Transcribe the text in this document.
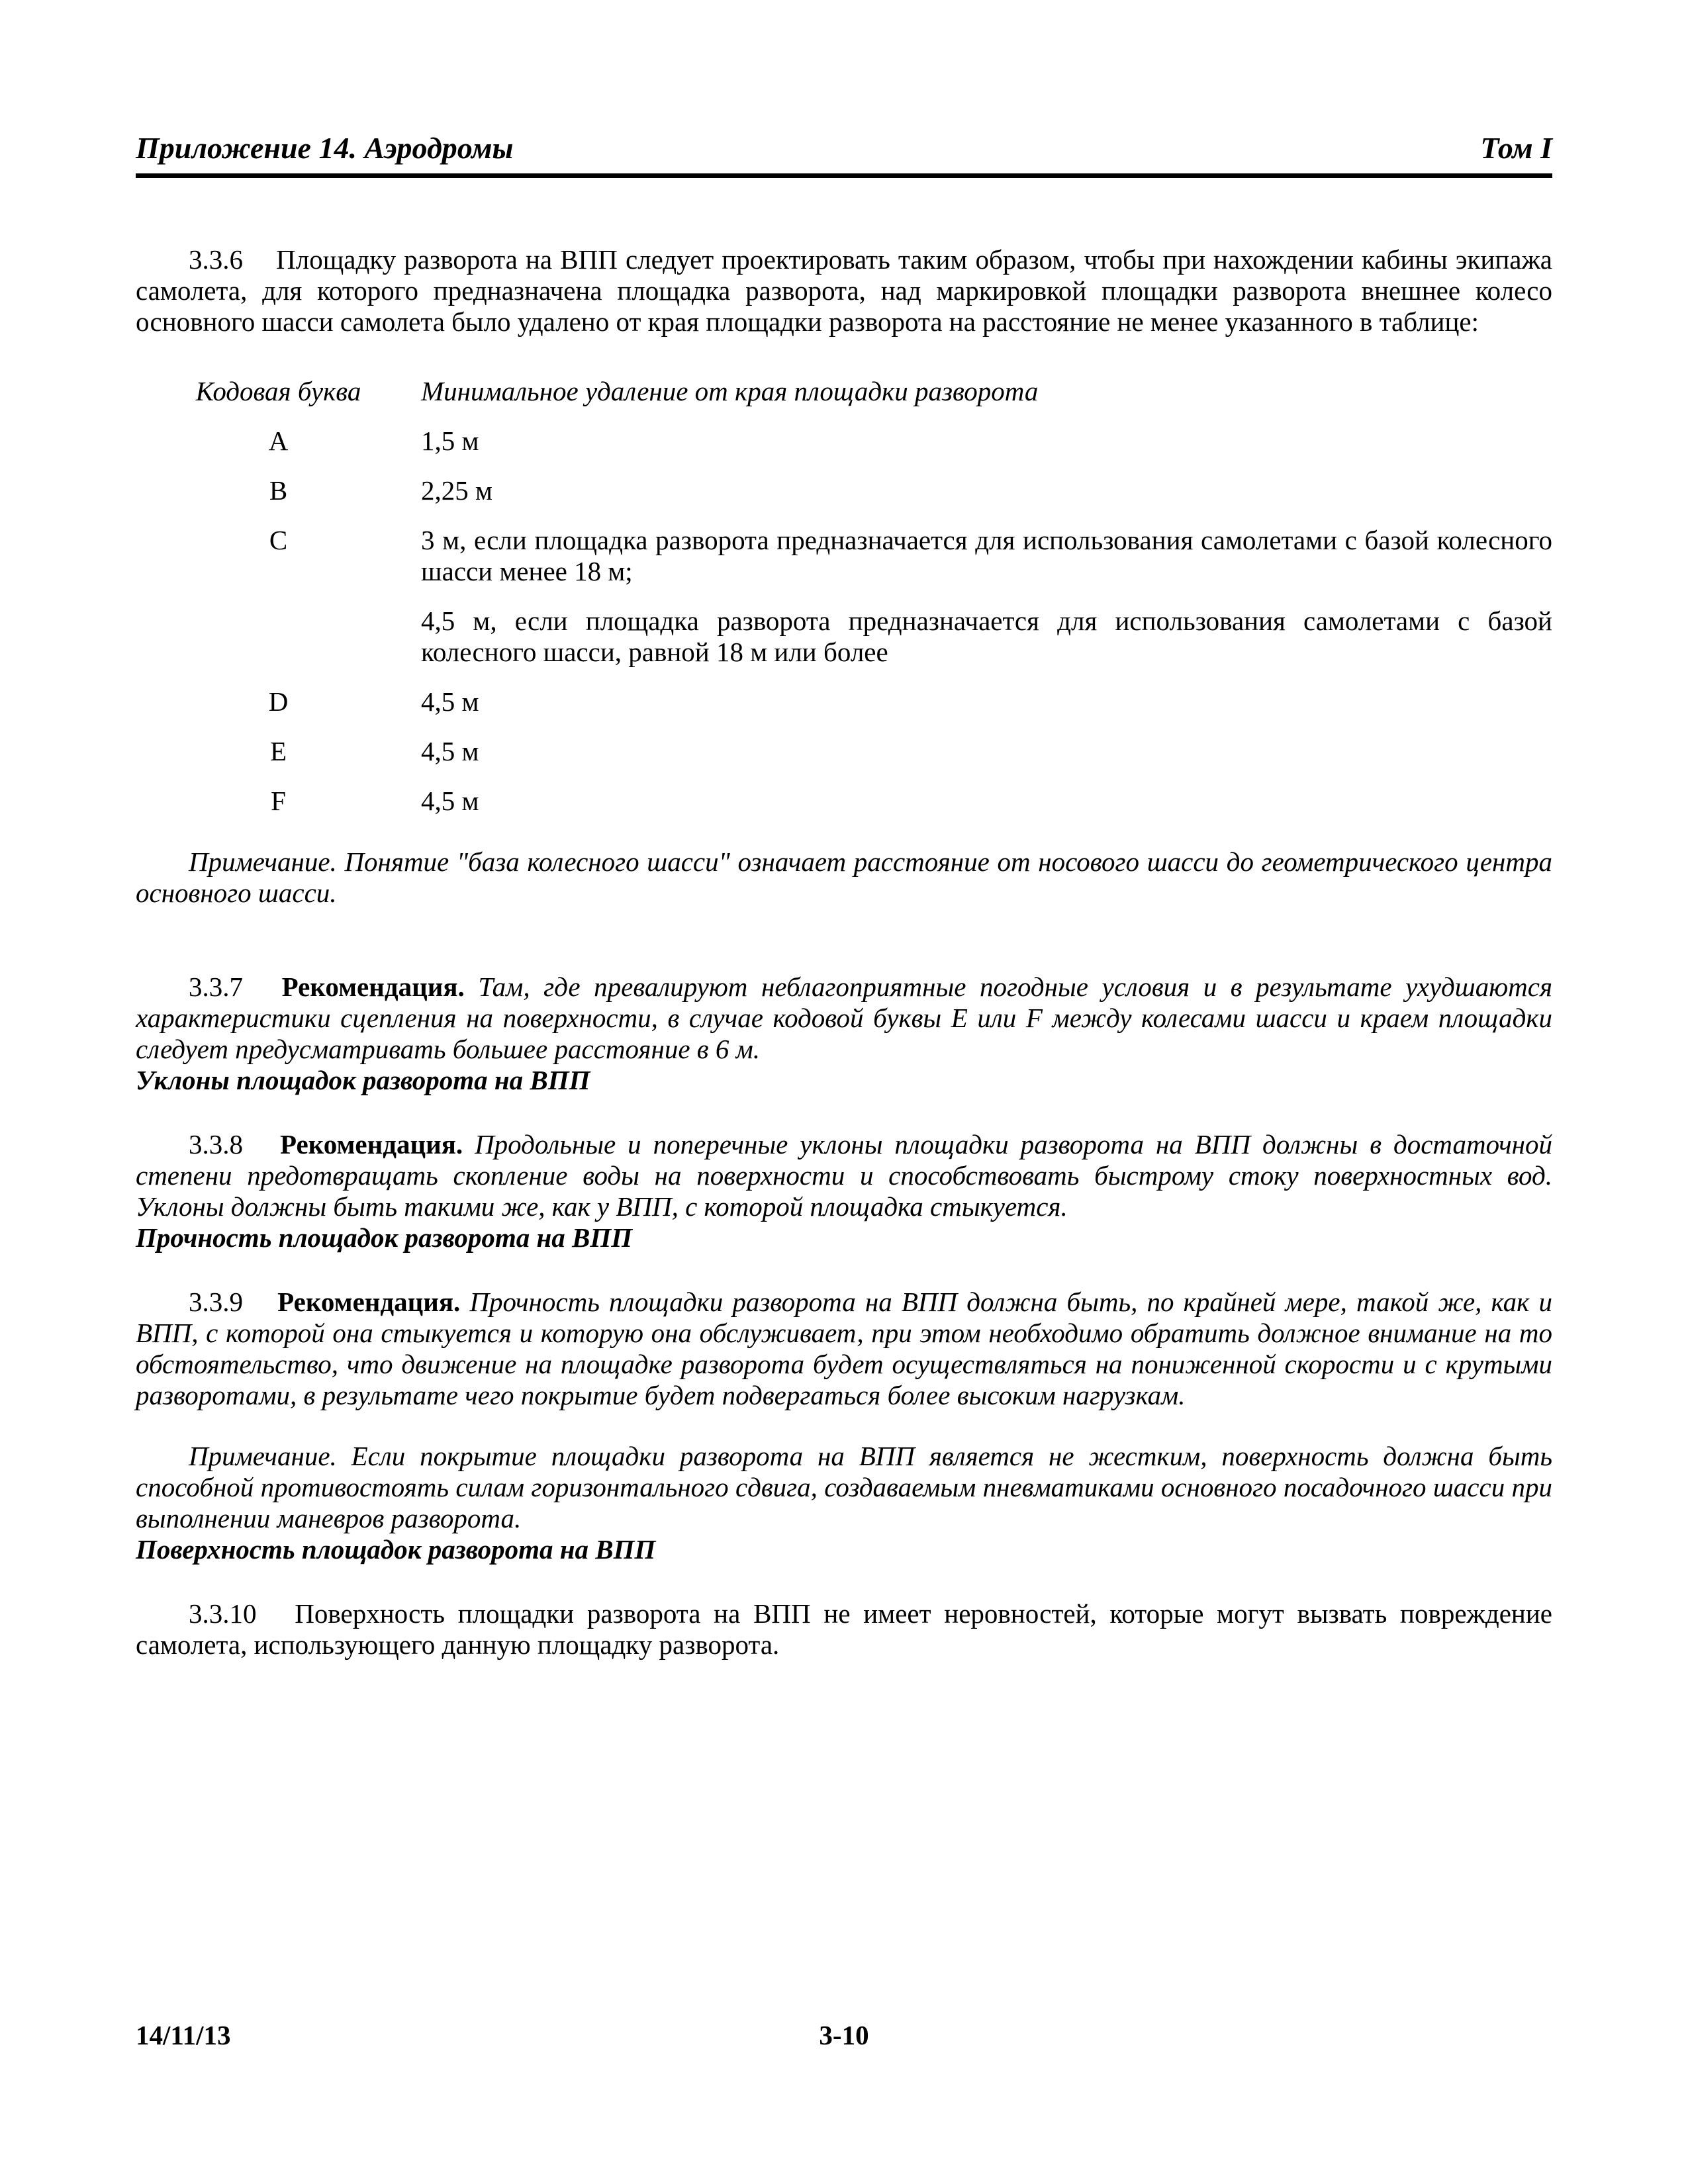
Приложение 14. Аэродромы	Том I

3.3.6 Площадку разворота на ВПП следует проектировать таким образом, чтобы при нахождении кабины экипажа самолета, для которого предназначена площадка разворота, над маркировкой площадки разворота внешнее колесо основного шасси самолета было удалено от края площадки разворота на расстояние не менее указанного в таблице:

Кодовая буква	Минимальное удаление от края площадки разворота
A	1,5 м
B	2,25 м
C	3 м, если площадка разворота предназначается для использования самолетами с базой колесного шасси менее 18 м;

4,5 м, если площадка разворота предназначается для использования самолетами с базой колесного шасси, равной 18 м или более

D	4,5 м
E	4,5 м
F	4,5 м

Примечание. Понятие "база колесного шасси" означает расстояние от носового шасси до геометрического центра основного шасси.

3.3.7 Рекомендация. Там, где превалируют неблагоприятные погодные условия и в результате ухудшаются характеристики сцепления на поверхности, в случае кодовой буквы E или F между колесами шасси и краем площадки следует предусматривать большее расстояние в 6 м.

Уклоны площадок разворота на ВПП

3.3.8 Рекомендация. Продольные и поперечные уклоны площадки разворота на ВПП должны в достаточной степени предотвращать скопление воды на поверхности и способствовать быстрому стоку поверхностных вод. Уклоны должны быть такими же, как у ВПП, с которой площадка стыкуется.

Прочность площадок разворота на ВПП

3.3.9 Рекомендация. Прочность площадки разворота на ВПП должна быть, по крайней мере, такой же, как и ВПП, с которой она стыкуется и которую она обслуживает, при этом необходимо обратить должное внимание на то обстоятельство, что движение на площадке разворота будет осуществляться на пониженной скорости и с крутыми разворотами, в результате чего покрытие будет подвергаться более высоким нагрузкам.

Примечание. Если покрытие площадки разворота на ВПП является не жестким, поверхность должна быть способной противостоять силам горизонтального сдвига, создаваемым пневматиками основного посадочного шасси при выполнении маневров разворота.

Поверхность площадок разворота на ВПП

3.3.10 Поверхность площадки разворота на ВПП не имеет неровностей, которые могут вызвать повреждение самолета, использующего данную площадку разворота.

14/11/13	3-10
